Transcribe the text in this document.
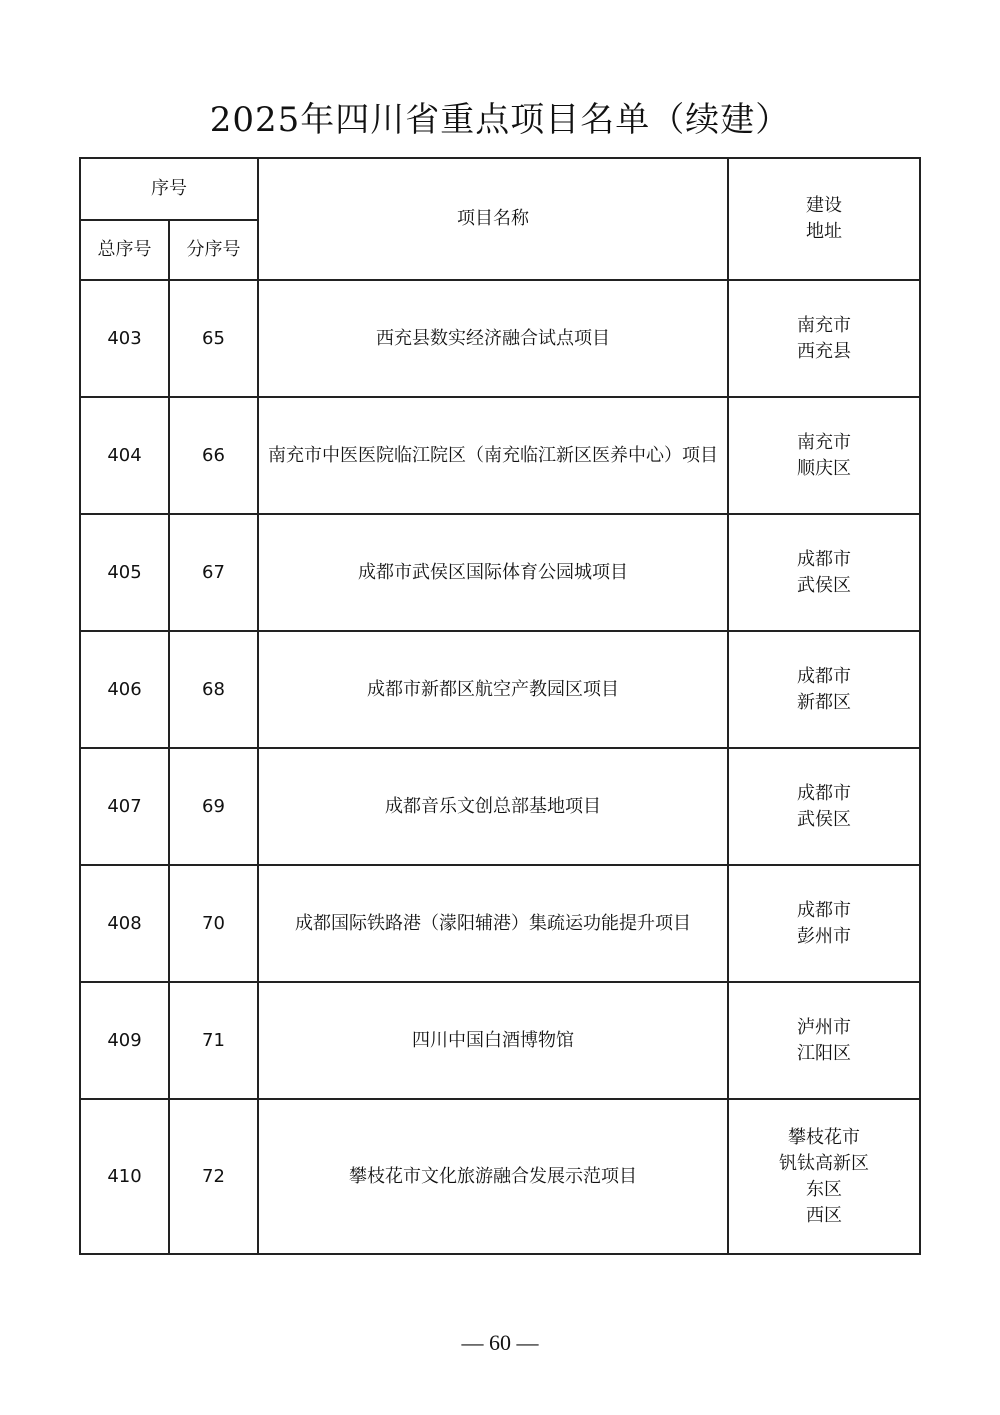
2025年四川省重点项目名单（续建）
序号		项目名称	建设
地址

总序号	分序号		
403	65	西充县数实经济融合试点项目	南充市
西充县

404	66	南充市中医医院临江院区（南充临江新区医养中心）项目	南充市
顺庆区

405	67	成都市武侯区国际体育公园城项目	成都市
武侯区

406	68	成都市新都区航空产教园区项目	成都市
新都区

407	69	成都音乐文创总部基地项目	成都市
武侯区

408	70	成都国际铁路港（濛阳辅港）集疏运功能提升项目	成都市
彭州市

409	71	四川中国白酒博物馆	泸州市
江阳区

410	72	攀枝花市文化旅游融合发展示范项目	攀枝花市
钒钛高新区
东区
西区
— 60 —
